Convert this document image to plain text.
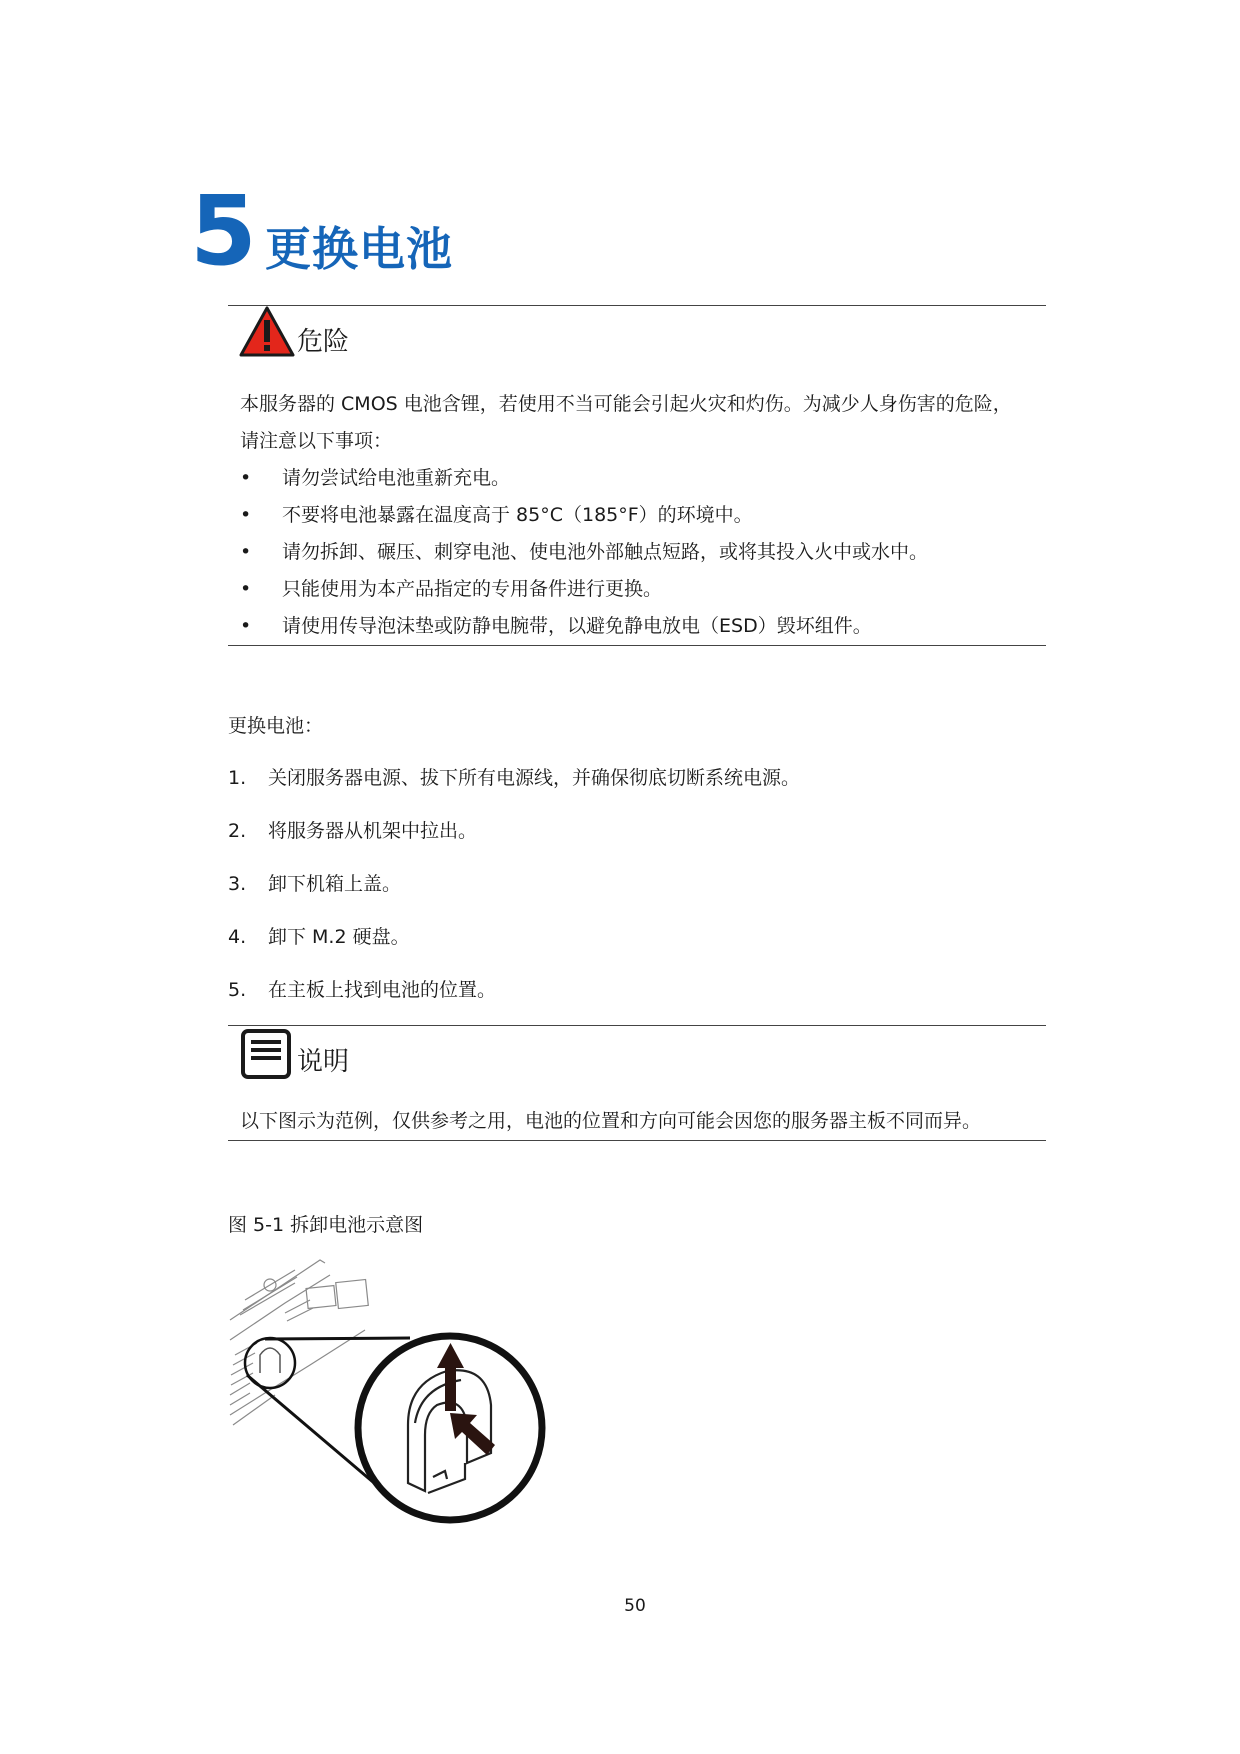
5 更换电池
危险
本服务器的 CMOS 电池含锂，若使用不当可能会引起火灾和灼伤。为减少人身伤害的危险，
请注意以下事项：
• 请勿尝试给电池重新充电。
• 不要将电池暴露在温度高于 85°C（185°F）的环境中。
• 请勿拆卸、碾压、刺穿电池、使电池外部触点短路，或将其投入火中或水中。
• 只能使用为本产品指定的专用备件进行更换。
• 请使用传导泡沫垫或防静电腕带，以避免静电放电（ESD）毁坏组件。
更换电池：
1. 关闭服务器电源、拔下所有电源线，并确保彻底切断系统电源。
2. 将服务器从机架中拉出。
3. 卸下机箱上盖。
4. 卸下 M.2 硬盘。
5. 在主板上找到电池的位置。
说明
以下图示为范例，仅供参考之用，电池的位置和方向可能会因您的服务器主板不同而异。
图 5-1 拆卸电池示意图
50
